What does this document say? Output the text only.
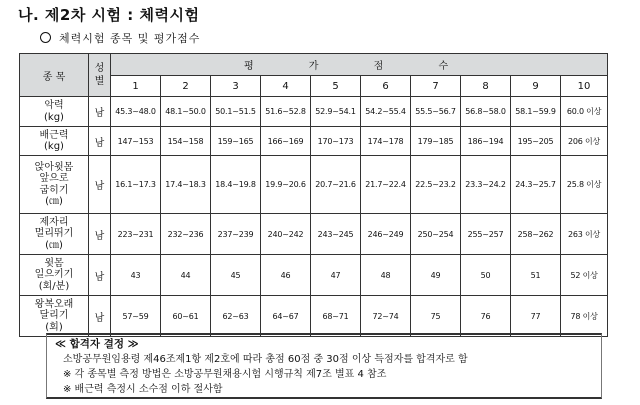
나. 제2차 시험 : 체력시험
체력시험 종목 및 평가점수
종 목	성별	평 가 점 수									
		1	2	3	4	5	6	7	8	9	10

악력
(kg)	남	45.3~48.0	48.1~50.0	50.1~51.5	51.6~52.8	52.9~54.1	54.2~55.4	55.5~56.7	56.8~58.0	58.1~59.9	60.0 이상

배근력
(kg)	남	147~153	154~158	159~165	166~169	170~173	174~178	179~185	186~194	195~205	206 이상

앉아윗몸
앞으로
굽히기
(㎝)	남	16.1~17.3	17.4~18.3	18.4~19.8	19.9~20.6	20.7~21.6	21.7~22.4	22.5~23.2	23.3~24.2	24.3~25.7	25.8 이상

제자리
멀리뛰기
(㎝)	남	223~231	232~236	237~239	240~242	243~245	246~249	250~254	255~257	258~262	263 이상

윗몸
일으키기
(회/분)	남	43	44	45	46	47	48	49	50	51	52 이상

왕복오래
달리기
(회)	남	57~59	60~61	62~63	64~67	68~71	72~74	75	76	77	78 이상
≪ 합격자 결정 ≫
소방공무원임용령 제46조제1항 제2호에 따라 총점 60점 중 30점 이상 득점자를 합격자로 함
※ 각 종목별 측정 방법은 소방공무원채용시험 시행규칙 제7조 별표 4 참조
※ 배근력 측정시 소수점 이하 절사함
